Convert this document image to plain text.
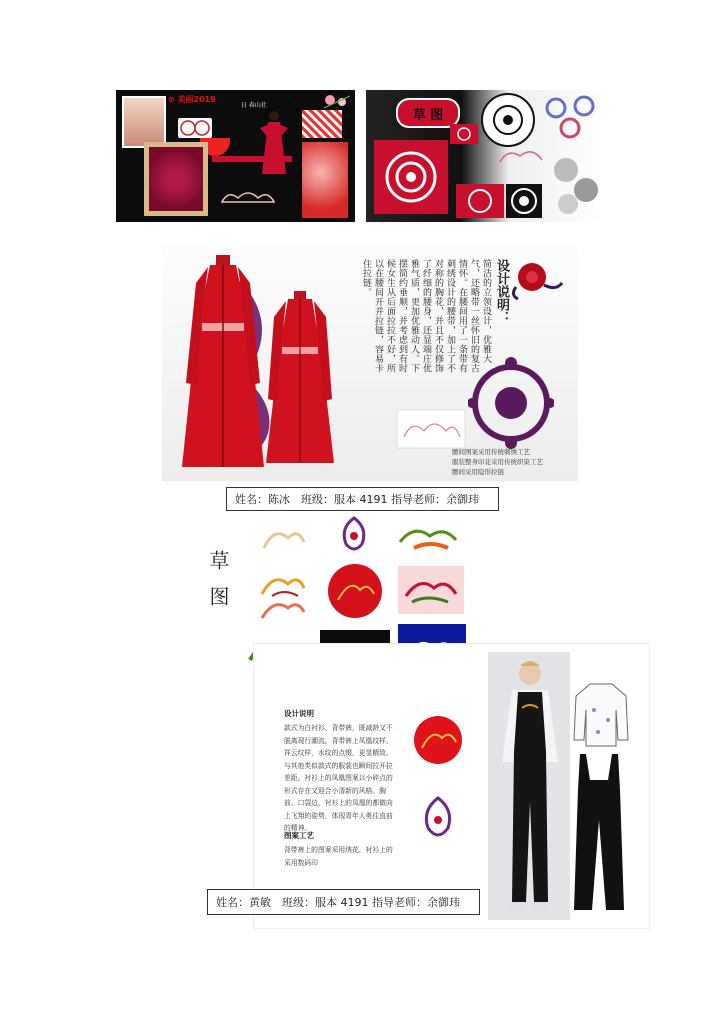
⊙ 美丽2019
日 春山社
草 图
简洁的立领设计，优雅大气，还略带一丝怀旧的复古情怀。在腰间用了一条带有刺绣设计的腰带，加上了不对称的胸花，并且不仅修饰了纤细的腰身，还显端庄优雅气质，更加优雅动人。下摆简约垂顺，并考虑到有时候女生从后面拉拉不好，所以在腰间开并拉链，容易卡住拉链。	设计说明：
腰间图案采用传统刺绣工艺
服装整身印花采用传统织染工艺
腰间采用隐形拉链
姓名：陈冰　班级：服本 4191 指导老师：余御玮
草图
设计说明
款式为白衬衫、背带裤，既减龄又不脱离现行潮流。背带裤上凤凰纹样、祥云纹样，水纹的点缀，更显精致。与其他类似款式的服装也瞬间拉开拉差距。衬衫上的凤凰图案以小碎点的形式存在又迎合小清新的风格。胸前、口袋边，衬衫上的凤凰的都做向上飞翔的姿势，体现青年人勇往直前的精神。
图案工艺
背带裤上的图案采用绣花，衬衫上的采用数码印
姓名：黄敏　班级：服本 4191 指导老师：余御玮
